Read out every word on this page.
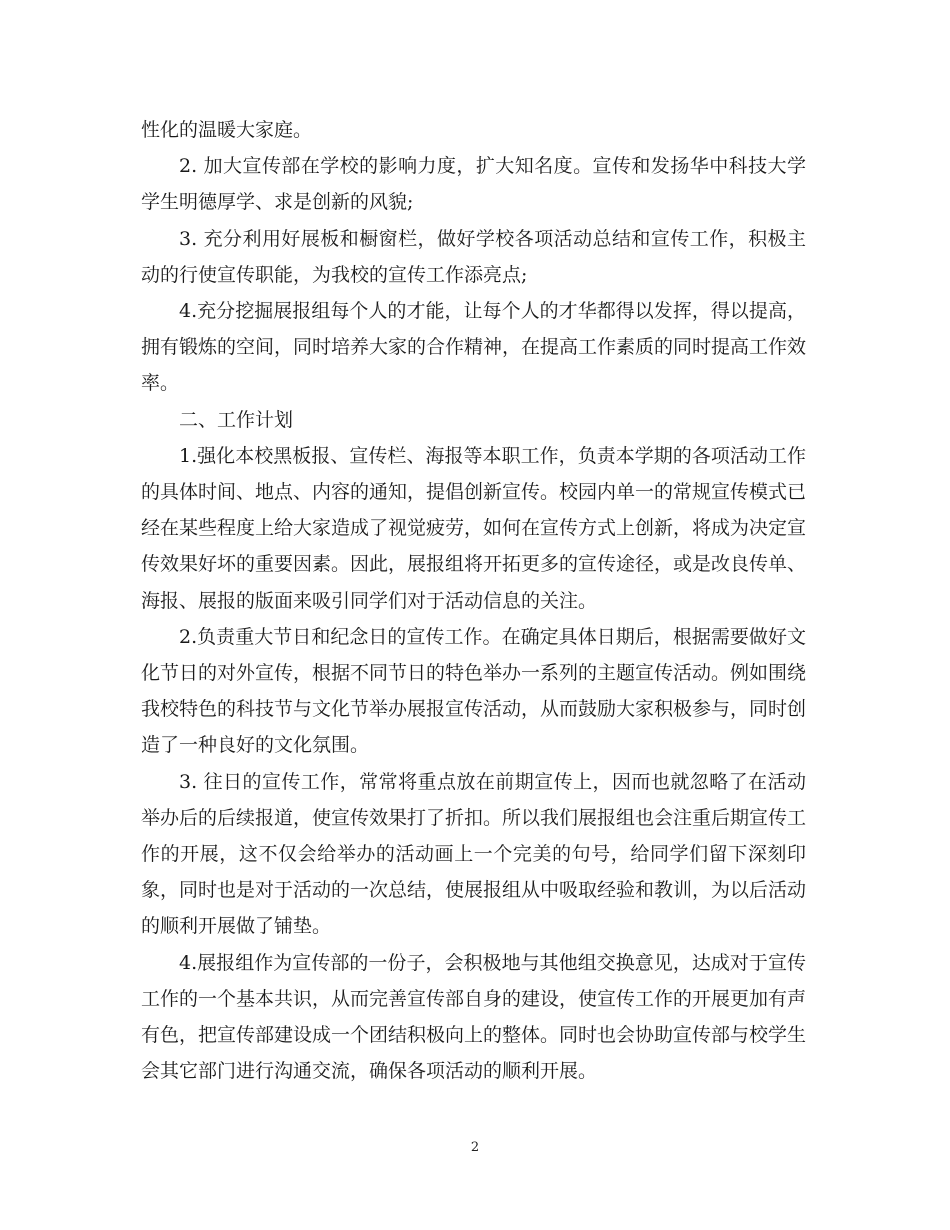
性化的温暖大家庭。

2. 加大宣传部在学校的影响力度，扩大知名度。宣传和发扬华中科技大学学生明德厚学、求是创新的风貌;

3. 充分利用好展板和橱窗栏，做好学校各项活动总结和宣传工作，积极主动的行使宣传职能，为我校的宣传工作添亮点;

4.充分挖掘展报组每个人的才能，让每个人的才华都得以发挥，得以提高，拥有锻炼的空间，同时培养大家的合作精神，在提高工作素质的同时提高工作效率。

二、工作计划

1.强化本校黑板报、宣传栏、海报等本职工作，负责本学期的各项活动工作的具体时间、地点、内容的通知，提倡创新宣传。校园内单一的常规宣传模式已经在某些程度上给大家造成了视觉疲劳，如何在宣传方式上创新，将成为决定宣传效果好坏的重要因素。因此，展报组将开拓更多的宣传途径，或是改良传单、海报、展报的版面来吸引同学们对于活动信息的关注。

2.负责重大节日和纪念日的宣传工作。在确定具体日期后，根据需要做好文化节日的对外宣传，根据不同节日的特色举办一系列的主题宣传活动。例如围绕我校特色的科技节与文化节举办展报宣传活动，从而鼓励大家积极参与，同时创造了一种良好的文化氛围。

3. 往日的宣传工作，常常将重点放在前期宣传上，因而也就忽略了在活动举办后的后续报道，使宣传效果打了折扣。所以我们展报组也会注重后期宣传工作的开展，这不仅会给举办的活动画上一个完美的句号，给同学们留下深刻印象，同时也是对于活动的一次总结，使展报组从中吸取经验和教训，为以后活动的顺利开展做了铺垫。

4.展报组作为宣传部的一份子，会积极地与其他组交换意见，达成对于宣传工作的一个基本共识，从而完善宣传部自身的建设，使宣传工作的开展更加有声有色，把宣传部建设成一个团结积极向上的整体。同时也会协助宣传部与校学生会其它部门进行沟通交流，确保各项活动的顺利开展。

2
